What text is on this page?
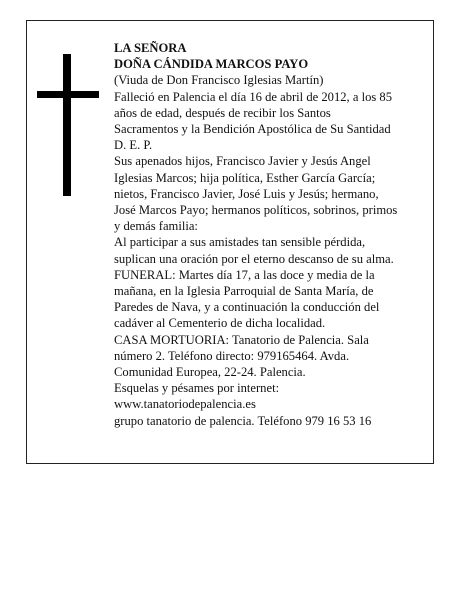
LA SEÑORA
DOÑA CÁNDIDA MARCOS PAYO
(Viuda de Don Francisco Iglesias Martín)
Falleció en Palencia el día 16 de abril de 2012, a los 85
años de edad, después de recibir los Santos
Sacramentos y la Bendición Apostólica de Su Santidad
D. E. P.
Sus apenados hijos, Francisco Javier y Jesús Angel
Iglesias Marcos; hija política, Esther García García;
nietos, Francisco Javier, José Luis y Jesús; hermano,
José Marcos Payo; hermanos políticos, sobrinos, primos
y demás familia:
Al participar a sus amistades tan sensible pérdida,
suplican una oración por el eterno descanso de su alma.
FUNERAL: Martes día 17, a las doce y media de la
mañana, en la Iglesia Parroquial de Santa María, de
Paredes de Nava, y a continuación la conducción del
cadáver al Cementerio de dicha localidad.
CASA MORTUORIA: Tanatorio de Palencia. Sala
número 2. Teléfono directo: 979165464. Avda.
Comunidad Europea, 22-24. Palencia.
Esquelas y pésames por internet:
www.tanatoriodepalencia.es
grupo tanatorio de palencia. Teléfono 979 16 53 16
